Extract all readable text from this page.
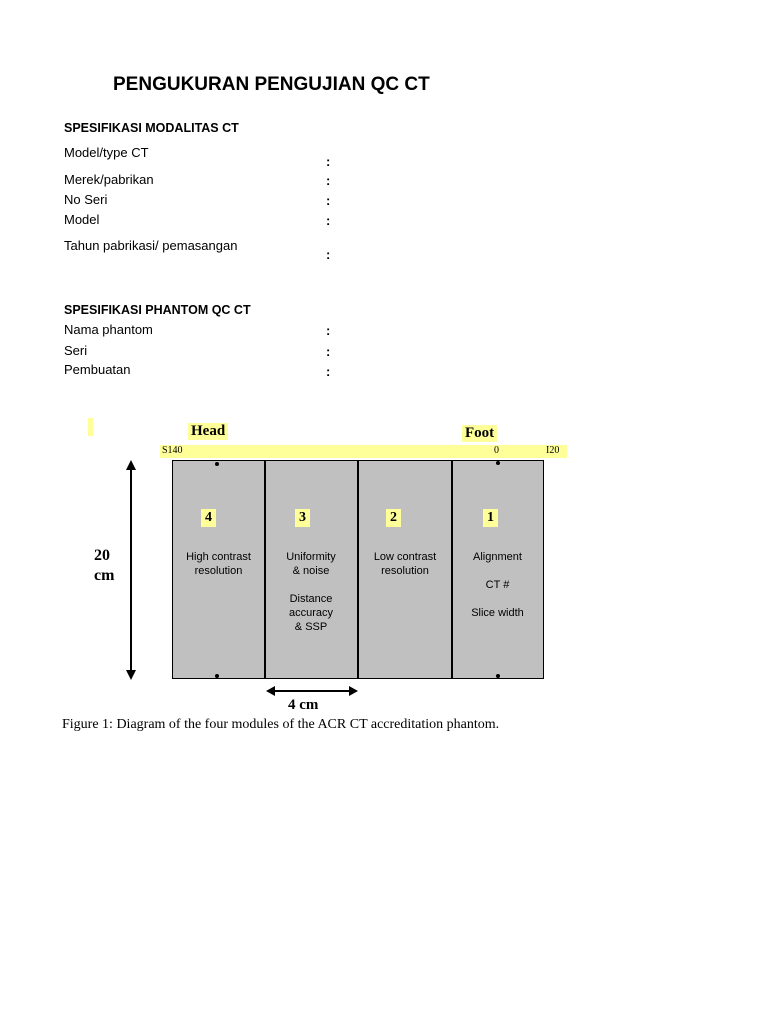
PENGUKURAN PENGUJIAN QC CT
SPESIFIKASI MODALITAS CT
Model/type CT
:
Merek/pabrikan	:
No Seri	:
Model	:
Tahun pabrikasi/ pemasangan
:
SPESIFIKASI PHANTOM QC CT
Nama phantom	:
Seri	:
Pembuatan	:
Head	Foot
S140	0	I20
20
cm
4
High contrast
resolution
3
Uniformity
& noise
Distance
accuracy
& SSP
2
Low contrast
resolution
1
Alignment
CT #
Slice width
4 cm
Figure 1: Diagram of the four modules of the ACR CT accreditation phantom.
